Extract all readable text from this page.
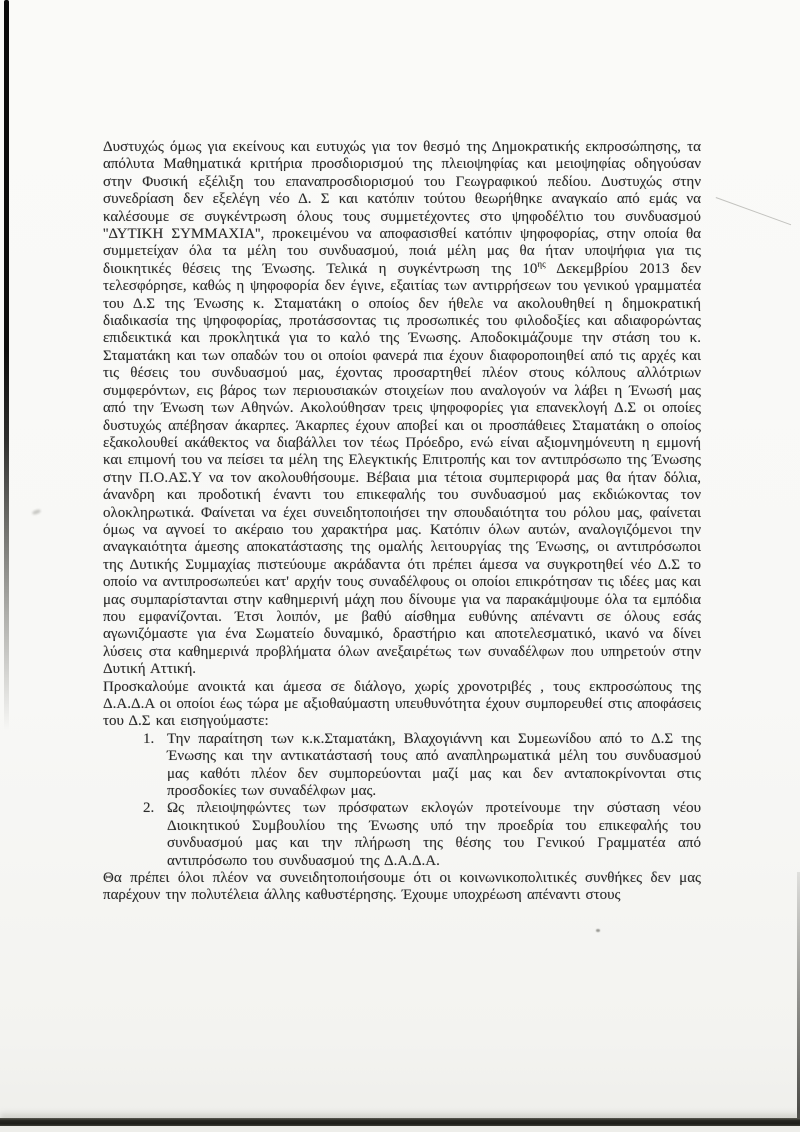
Δυστυχώς όμως για εκείνους και ευτυχώς για τον θεσμό της Δημοκρατικής εκπροσώπησης, τα απόλυτα Μαθηματικά κριτήρια προσδιορισμού της πλειοψηφίας και μειοψηφίας οδηγούσαν στην Φυσική εξέλιξη του επαναπροσδιορισμού του Γεωγραφικού πεδίου. Δυστυχώς στην συνεδρίαση δεν εξελέγη νέο Δ. Σ και κατόπιν τούτου θεωρήθηκε αναγκαίο από εμάς να καλέσουμε σε συγκέντρωση όλους τους συμμετέχοντες στο ψηφοδέλτιο του συνδυασμού ''ΔΥΤΙΚΗ ΣΥΜΜΑΧΙΑ'', προκειμένου να αποφασισθεί κατόπιν ψηφοφορίας, στην οποία θα συμμετείχαν όλα τα μέλη του συνδυασμού, ποιά μέλη μας θα ήταν υποψήφια για τις διοικητικές θέσεις της Ένωσης. Τελικά η συγκέντρωση της $10^{\eta\varsigma}$ Δεκεμβρίου 2013 δεν τελεσφόρησε, καθώς η ψηφοφορία δεν έγινε, εξαιτίας των αντιρρήσεων του γενικού γραμματέα του Δ.Σ της Ένωσης κ. Σταματάκη ο οποίος δεν ήθελε να ακολουθηθεί η δημοκρατική διαδικασία της ψηφοφορίας, προτάσσοντας τις προσωπικές του φιλοδοξίες και αδιαφορώντας επιδεικτικά και προκλητικά για το καλό της Ένωσης. Αποδοκιμάζουμε την στάση του κ. Σταματάκη και των οπαδών του οι οποίοι φανερά πια έχουν διαφοροποιηθεί από τις αρχές και τις θέσεις του συνδυασμού μας, έχοντας προσαρτηθεί πλέον στους κόλπους αλλότριων συμφερόντων, εις βάρος των περιουσιακών στοιχείων που αναλογούν να λάβει η Ένωσή μας από την Ένωση των Αθηνών. Ακολούθησαν τρεις ψηφοφορίες για επανεκλογή Δ.Σ οι οποίες δυστυχώς απέβησαν άκαρπες. Άκαρπες έχουν αποβεί και οι προσπάθειες Σταματάκη ο οποίος εξακολουθεί ακάθεκτος να διαβάλλει τον τέως Πρόεδρο, ενώ είναι αξιομνημόνευτη η εμμονή και επιμονή του να πείσει τα μέλη της Ελεγκτικής Επιτροπής και τον αντιπρόσωπο της Ένωσης στην Π.Ο.ΑΣ.Υ να τον ακολουθήσουμε. Βέβαια μια τέτοια συμπεριφορά μας θα ήταν δόλια, άνανδρη και προδοτική έναντι του επικεφαλής του συνδυασμού μας εκδιώκοντας τον ολοκληρωτικά. Φαίνεται να έχει συνειδητοποιήσει την σπουδαιότητα του ρόλου μας, φαίνεται όμως να αγνοεί το ακέραιο του χαρακτήρα μας. Κατόπιν όλων αυτών, αναλογιζόμενοι την αναγκαιότητα άμεσης αποκατάστασης της ομαλής λειτουργίας της Ένωσης, οι αντιπρόσωποι της Δυτικής Συμμαχίας πιστεύουμε ακράδαντα ότι πρέπει άμεσα να συγκροτηθεί νέο Δ.Σ το οποίο να αντιπροσωπεύει κατ' αρχήν τους συναδέλφους οι οποίοι επικρότησαν τις ιδέες μας και μας συμπαρίστανται στην καθημερινή μάχη που δίνουμε για να παρακάμψουμε όλα τα εμπόδια που εμφανίζονται. Έτσι λοιπόν, με βαθύ αίσθημα ευθύνης απέναντι σε όλους εσάς αγωνιζόμαστε για ένα Σωματείο δυναμικό, δραστήριο και αποτελεσματικό, ικανό να δίνει λύσεις στα καθημερινά προβλήματα όλων ανεξαιρέτως των συναδέλφων που υπηρετούν στην Δυτική Αττική.

Προσκαλούμε ανοικτά και άμεσα σε διάλογο, χωρίς χρονοτριβές , τους εκπροσώπους της Δ.Α.Δ.Α οι οποίοι έως τώρα με αξιοθαύμαστη υπευθυνότητα έχουν συμπορευθεί στις αποφάσεις του Δ.Σ και εισηγούμαστε:

1. Την παραίτηση των κ.κ.Σταματάκη, Βλαχογιάννη και Συμεωνίδου από το Δ.Σ της Ένωσης και την αντικατάστασή τους από αναπληρωματικά μέλη του συνδυασμού μας καθότι πλέον δεν συμπορεύονται μαζί μας και δεν ανταποκρίνονται στις προσδοκίες των συναδέλφων μας.
2. Ως πλειοψηφώντες των πρόσφατων εκλογών προτείνουμε την σύσταση νέου Διοικητικού Συμβουλίου της Ένωσης υπό την προεδρία του επικεφαλής του συνδυασμού μας και την πλήρωση της θέσης του Γενικού Γραμματέα από αντιπρόσωπο του συνδυασμού της Δ.Α.Δ.Α.

Θα πρέπει όλοι πλέον να συνειδητοποιήσουμε ότι οι κοινωνικοπολιτικές συνθήκες δεν μας παρέχουν την πολυτέλεια άλλης καθυστέρησης. Έχουμε υποχρέωση απέναντι στους
